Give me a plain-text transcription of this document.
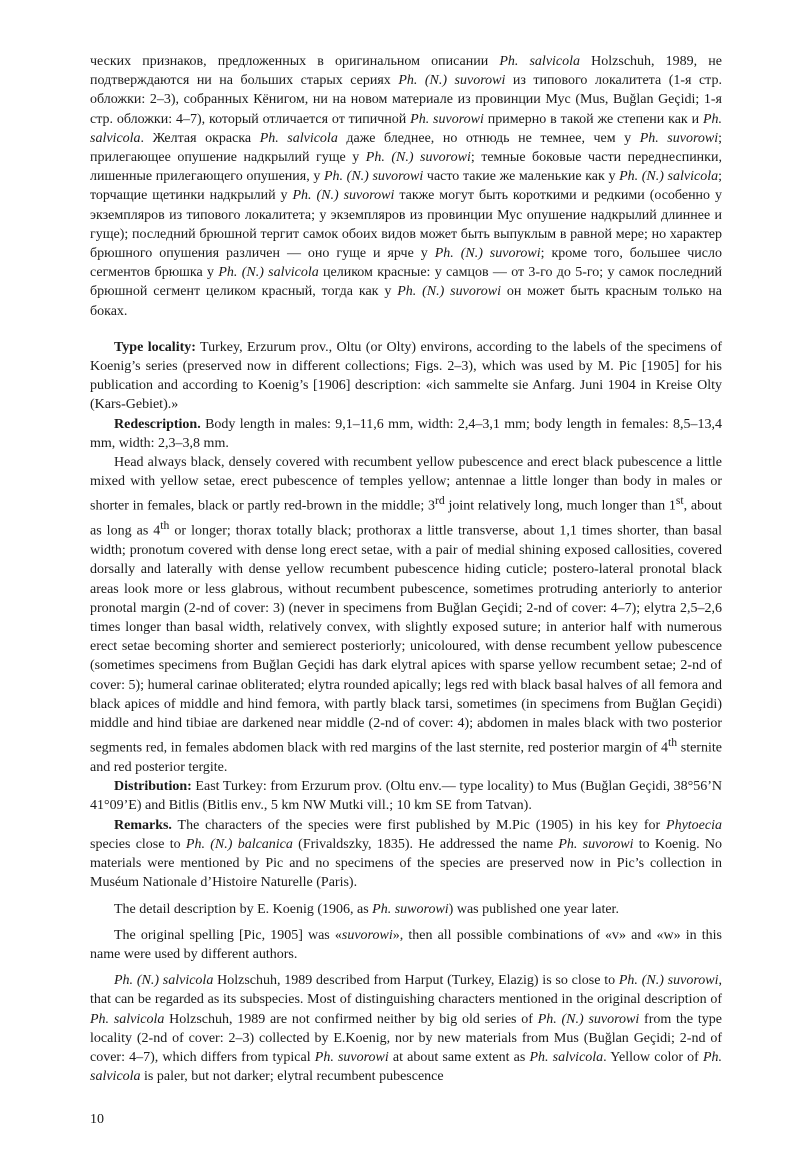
ческих признаков, предложенных в оригинальном описании Ph. salvicola Holzschuh, 1989, не подтверждаются ни на больших старых сериях Ph. (N.) suvorowi из типового локалитета (1-я стр. обложки: 2–3), собранных Кёнигом, ни на новом материале из провинции Мус (Mus, Buğlan Geçidi; 1-я стр. обложки: 4–7), который отличается от типичной Ph. suvorowi примерно в такой же степени как и Ph. salvicola. Желтая окраска Ph. salvicola даже бледнее, но отнюдь не темнее, чем у Ph. suvorowi; прилегающее опушение надкрылий гуще у Ph. (N.) suvorowi; темные боковые части переднеспинки, лишенные прилегающего опушения, у Ph. (N.) suvorowi часто такие же маленькие как у Ph. (N.) salvicola; торчащие щетинки надкрылий у Ph. (N.) suvorowi также могут быть короткими и редкими (особенно у экземпляров из типового локалитета; у экземпляров из провинции Мус опушение надкрылий длиннее и гуще); последний брюшной тергит самок обоих видов может быть выпуклым в равной мере; но характер брюшного опушения различен — оно гуще и ярче у Ph. (N.) suvorowi; кроме того, большее число сегментов брюшка у Ph. (N.) salvicola целиком красные: у самцов — от 3-го до 5-го; у самок последний брюшной сегмент целиком красный, тогда как у Ph. (N.) suvorowi он может быть красным только на боках.

Type locality: Turkey, Erzurum prov., Oltu (or Olty) environs, according to the labels of the specimens of Koenig’s series (preserved now in different collections; Figs. 2–3), which was used by M. Pic [1905] for his publication and according to Koenig’s [1906] description: «ich sammelte sie Anfarg. Juni 1904 in Kreise Olty (Kars-Gebiet).»

Redescription. Body length in males: 9,1–11,6 mm, width: 2,4–3,1 mm; body length in females: 8,5–13,4 mm, width: 2,3–3,8 mm.

Head always black, densely covered with recumbent yellow pubescence and erect black pubescence a little mixed with yellow setae, erect pubescence of temples yellow; antennae a little longer than body in males or shorter in females, black or partly red-brown in the middle; 3rd joint relatively long, much longer than 1st, about as long as 4th or longer; thorax totally black; prothorax a little transverse, about 1,1 times shorter, than basal width; pronotum covered with dense long erect setae, with a pair of medial shining exposed callosities, covered dorsally and laterally with dense yellow recumbent pubescence hiding cuticle; postero-lateral pronotal black areas look more or less glabrous, without recumbent pubescence, sometimes protruding anteriorly to anterior pronotal margin (2-nd of cover: 3) (never in specimens from Buğlan Geçidi; 2-nd of cover: 4–7); elytra 2,5–2,6 times longer than basal width, relatively convex, with slightly exposed suture; in anterior half with numerous erect setae becoming shorter and semierect posteriorly; unicoloured, with dense recumbent yellow pubescence (sometimes specimens from Buğlan Geçidi has dark elytral apices with sparse yellow recumbent setae; 2-nd of cover: 5); humeral carinae obliterated; elytra rounded apically; legs red with black basal halves of all femora and black apices of middle and hind femora, with partly black tarsi, sometimes (in specimens from Buğlan Geçidi) middle and hind tibiae are darkened near middle (2-nd of cover: 4); abdomen in males black with two posterior segments red, in females abdomen black with red margins of the last sternite, red posterior margin of 4th sternite and red posterior tergite.

Distribution: East Turkey: from Erzurum prov. (Oltu env.— type locality) to Mus (Buğlan Geçidi, 38°56’N 41°09’E) and Bitlis (Bitlis env., 5 km NW Mutki vill.; 10 km SE from Tatvan).

Remarks. The characters of the species were first published by M.Pic (1905) in his key for Phytoecia species close to Ph. (N.) balcanica (Frivaldszky, 1835). He addressed the name Ph. suvorowi to Koenig. No materials were mentioned by Pic and no specimens of the species are preserved now in Pic’s collection in Muséum Nationale d’Histoire Naturelle (Paris).

The detail description by E. Koenig (1906, as Ph. suworowi) was published one year later.

The original spelling [Pic, 1905] was «suvorowi», then all possible combinations of «v» and «w» in this name were used by different authors.

Ph. (N.) salvicola Holzschuh, 1989 described from Harput (Turkey, Elazig) is so close to Ph. (N.) suvorowi, that can be regarded as its subspecies. Most of distinguishing characters mentioned in the original description of Ph. salvicola Holzschuh, 1989 are not confirmed neither by big old series of Ph. (N.) suvorowi from the type locality (2-nd of cover: 2–3) collected by E.Koenig, nor by new materials from Mus (Buğlan Geçidi; 2-nd of cover: 4–7), which differs from typical Ph. suvorowi at about same extent as Ph. salvicola. Yellow color of Ph. salvicola is paler, but not darker; elytral recumbent pubescence

10
